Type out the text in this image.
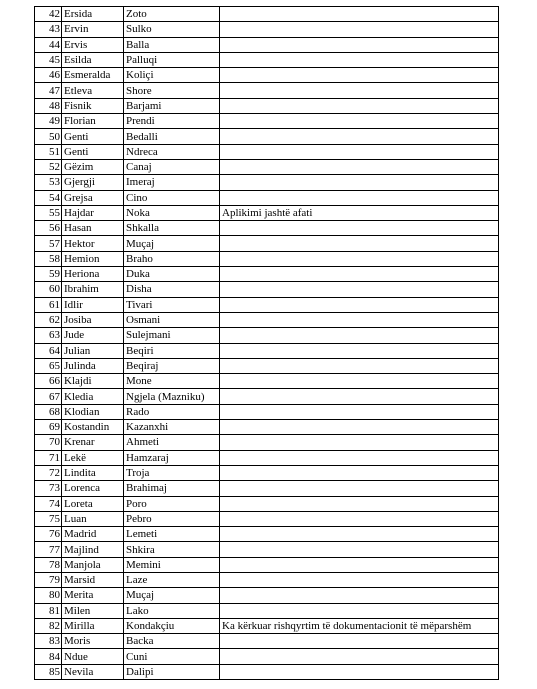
42	Ersida	Zoto	
43	Ervin	Sulko	
44	Ervis	Balla	
45	Esilda	Palluqi	
46	Esmeralda	Koliçi	
47	Etleva	Shore	
48	Fisnik	Barjami	
49	Florian	Prendi	
50	Genti	Bedalli	
51	Genti	Ndreca	
52	Gëzim	Canaj	
53	Gjergji	Imeraj	
54	Grejsa	Cino	
55	Hajdar	Noka	Aplikimi jashtë afati
56	Hasan	Shkalla	
57	Hektor	Muçaj	
58	Hemion	Braho	
59	Heriona	Duka	
60	Ibrahim	Disha	
61	Idlir	Tivari	
62	Josiba	Osmani	
63	Jude	Sulejmani	
64	Julian	Beqiri	
65	Julinda	Beqiraj	
66	Klajdi	Mone	
67	Kledia	Ngjela (Mazniku)	
68	Klodian	Rado	
69	Kostandin	Kazanxhi	
70	Krenar	Ahmeti	
71	Lekë	Hamzaraj	
72	Lindita	Troja	
73	Lorenca	Brahimaj	
74	Loreta	Poro	
75	Luan	Pebro	
76	Madrid	Lemeti	
77	Majlind	Shkira	
78	Manjola	Memini	
79	Marsid	Laze	
80	Merita	Muçaj	
81	Milen	Lako	
82	Mirilla	Kondakçiu	Ka kërkuar rishqyrtim të dokumentacionit të mëparshëm
83	Moris	Backa	
84	Ndue	Cuni	
85	Nevila	Dalipi	
